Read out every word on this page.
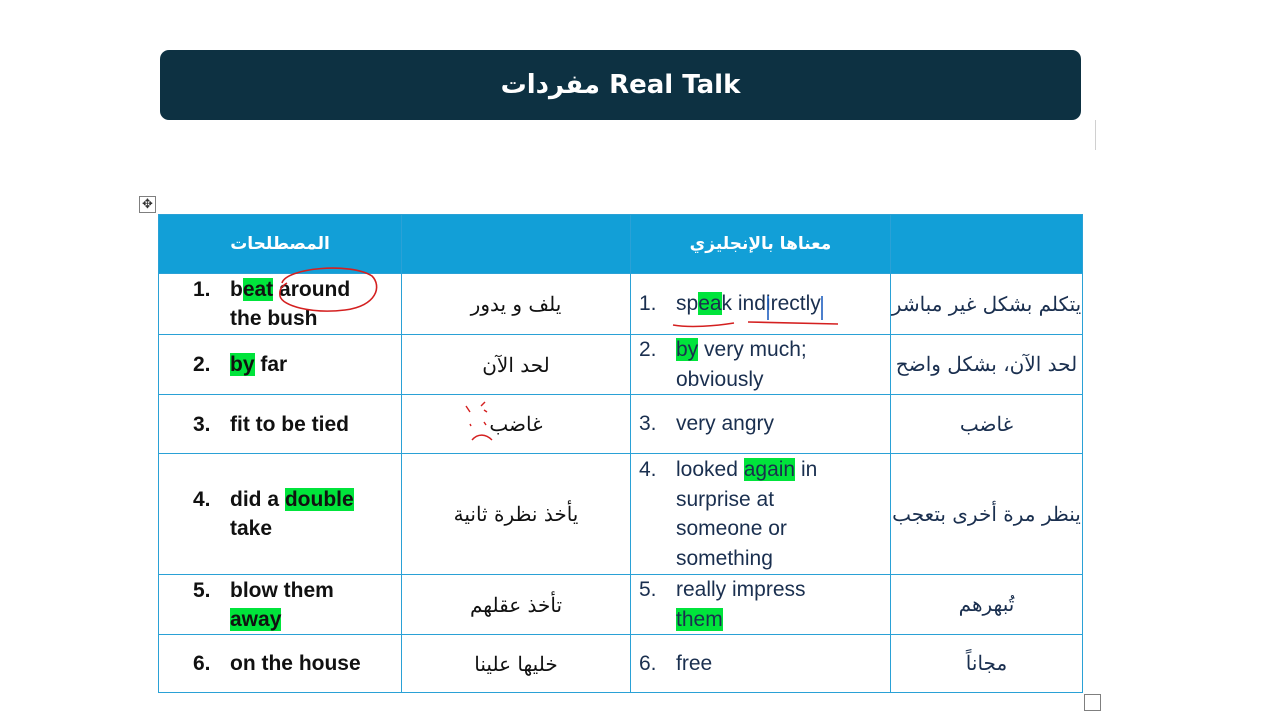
Real Talk مفردات
✥
المصطلحات		معناها بالإنجليزي	

1. beat around the bush	يلف و يدور	1. speak indirectly	يتكلم بشكل غير مباشر

2. by far	لحد الآن	2. by very much; obviously	لحد الآن، بشكل واضح

3. fit to be tied	غاضب	3. very angry	غاضب

4. did a double take	يأخذ نظرة ثانية	4. looked again in surprise at someone or something	ينظر مرة أخرى بتعجب

5. blow them away	تأخذ عقلهم	5. really impress them	تُبهرهم

6. on the house	خليها علينا	6. free	مجاناً
